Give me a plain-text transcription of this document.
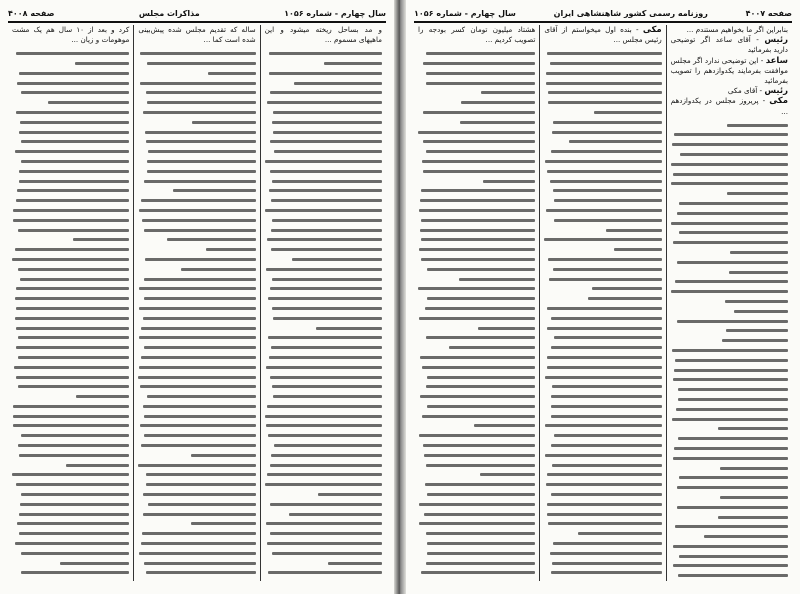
سال چهارم - شماره ۱۰۵۶
مذاکرات مجلس
صفحه ۴۰۰۸

و مد بساحل ریخته میشود و این ماهیهای مسموم ...

ساله که تقدیم مجلس شده پیش‌بینی شده است کما ...

کرد و بعد از ۱۰ سال هم یک مشت موهومات و زیان ...

صفحه ۴۰۰۷
روزنامه رسمی کشور شاهنشاهی ایران
سال چهارم - شماره ۱۰۵۶

بنابراین اگر ما بخواهیم مستندم ...

رئیس - آقای ساعد اگر توضیحی دارید بفرمائید

ساعد - این توضیحی ندارد اگر مجلس موافقت بفرمایند یکدوازدهم را تصویب بفرمائید

رئیس - آقای مکی

مکی - پریروز مجلس در یکدوازدهم ...

مکی - بنده اول میخواستم از آقای رئیس مجلس ...

هشتاد میلیون تومان کسر بودجه را تصویب کردیم ...
